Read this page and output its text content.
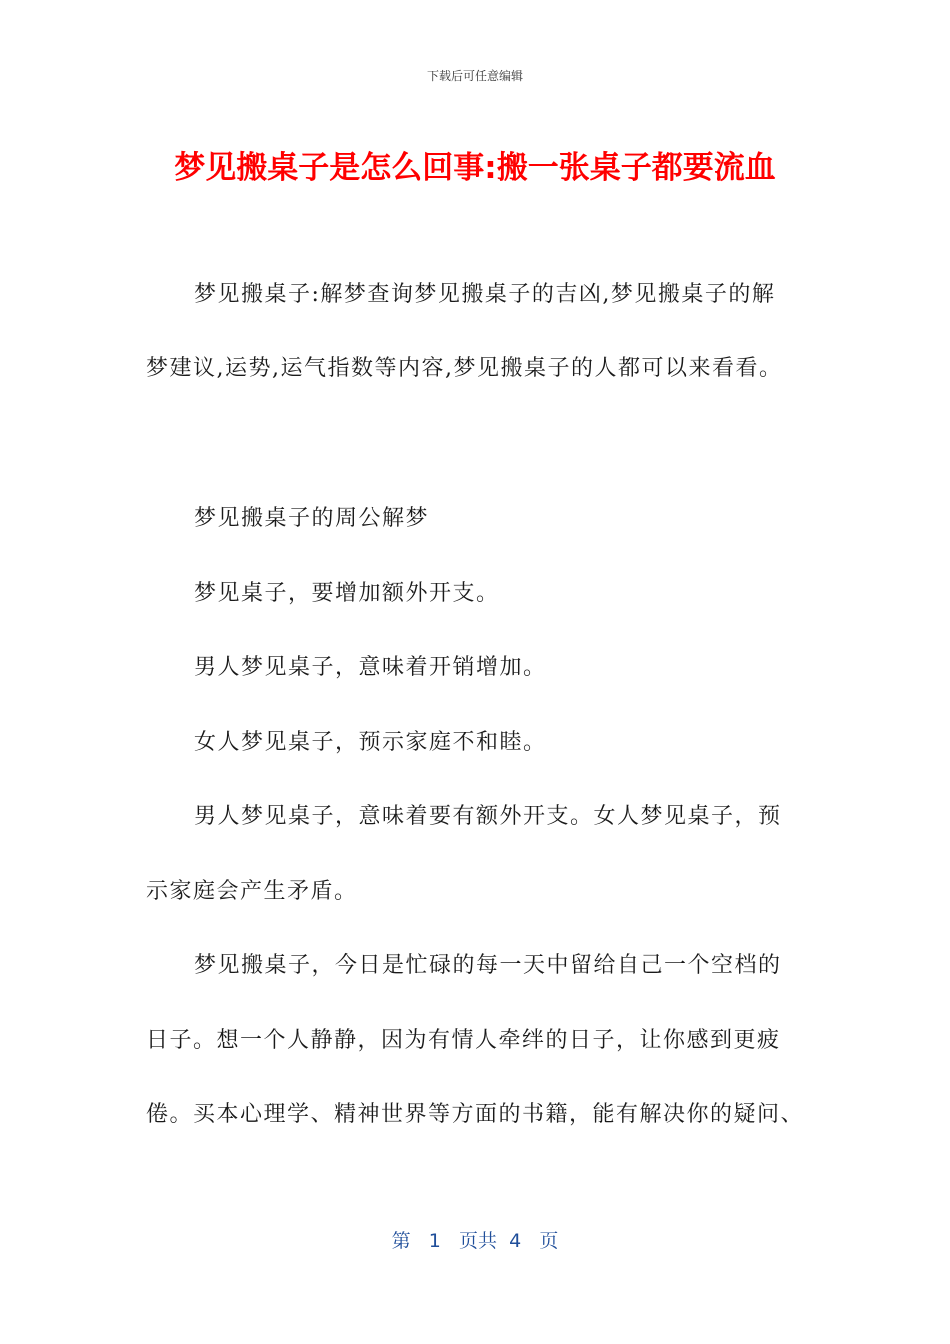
下载后可任意编辑
梦见搬桌子是怎么回事:搬一张桌子都要流血
梦见搬桌子:解梦查询梦见搬桌子的吉凶,梦见搬桌子的解
梦建议,运势,运气指数等内容,梦见搬桌子的人都可以来看看。
梦见搬桌子的周公解梦
梦见桌子，要增加额外开支。
男人梦见桌子，意味着开销增加。
女人梦见桌子，预示家庭不和睦。
男人梦见桌子，意味着要有额外开支。女人梦见桌子，预
示家庭会产生矛盾。
梦见搬桌子，今日是忙碌的每一天中留给自己一个空档的
日子。想一个人静静，因为有情人牵绊的日子，让你感到更疲
倦。买本心理学、精神世界等方面的书籍，能有解决你的疑问、
第 1 页共 4 页
